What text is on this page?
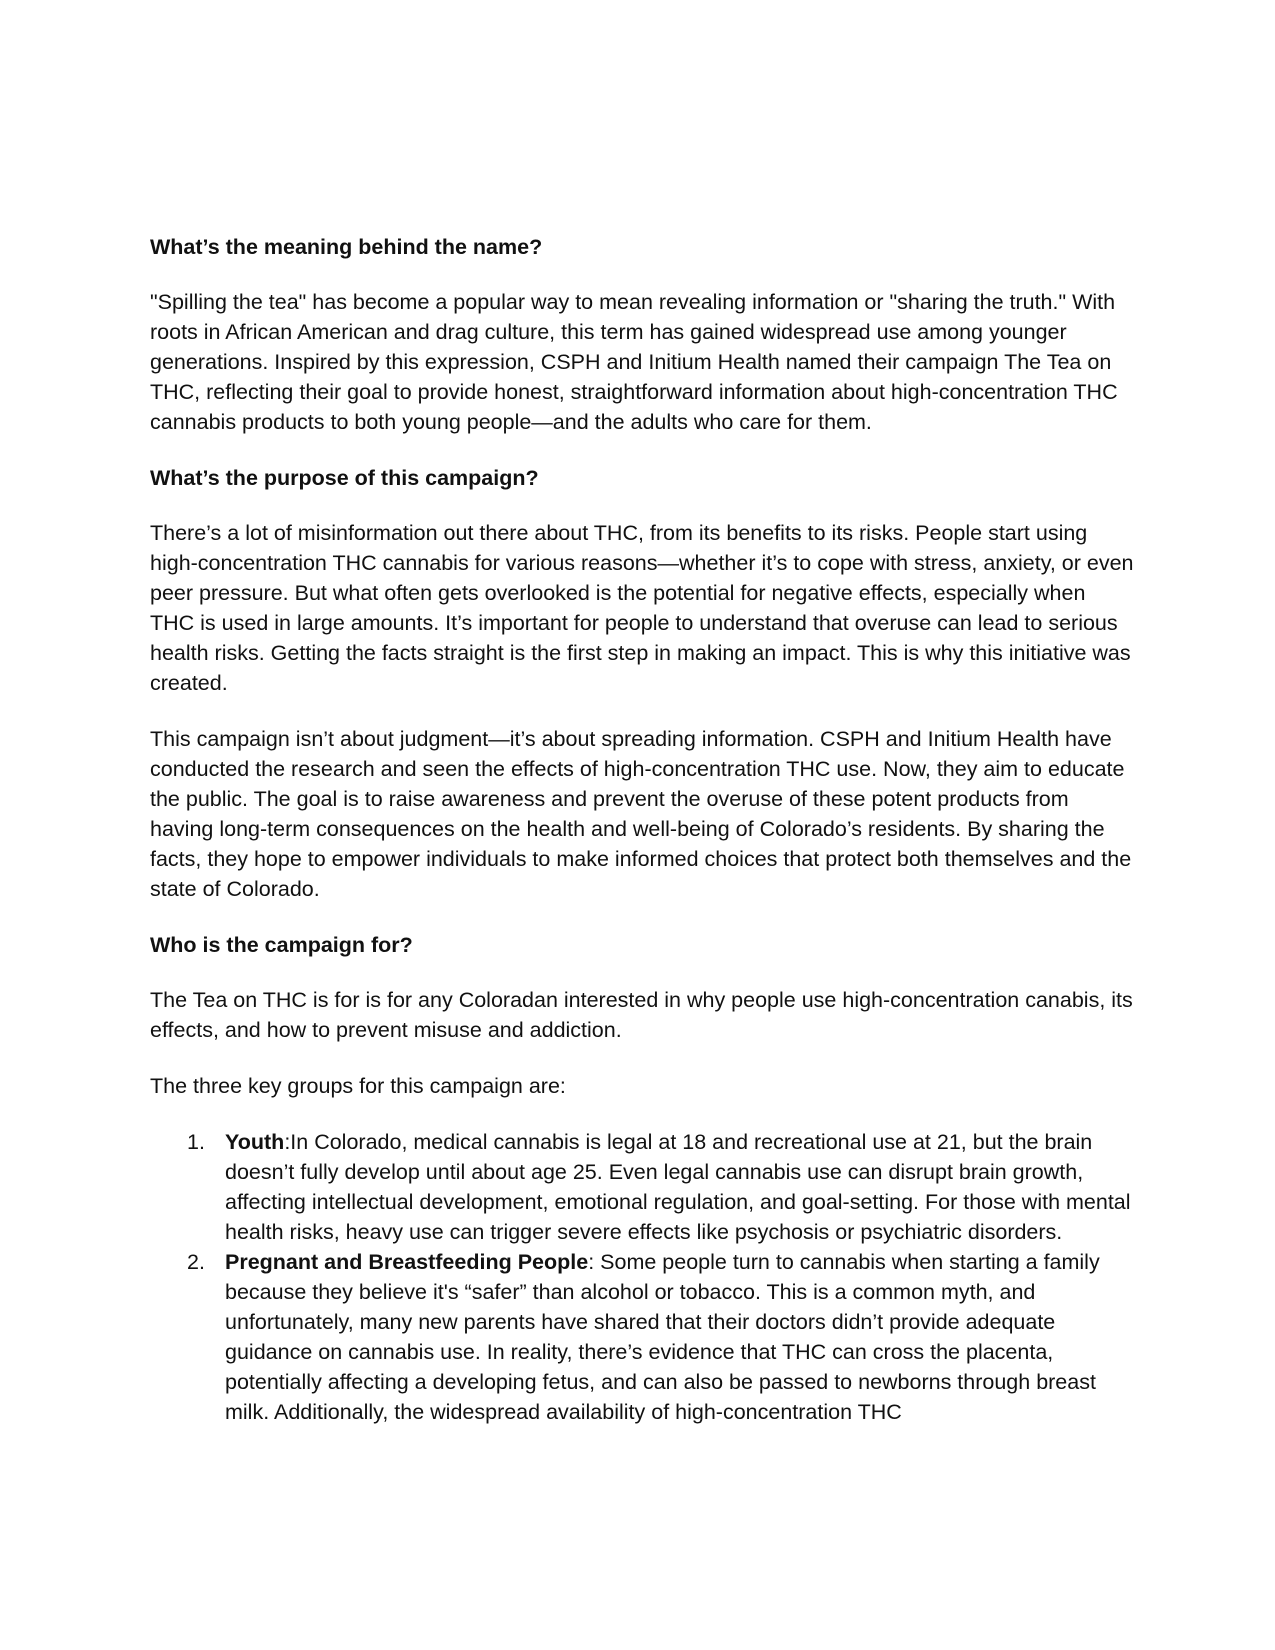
What’s the meaning behind the name?

"Spilling the tea" has become a popular way to mean revealing information or "sharing the truth." With roots in African American and drag culture, this term has gained widespread use among younger generations. Inspired by this expression, CSPH and Initium Health named their campaign The Tea on THC, reflecting their goal to provide honest, straightforward information about high-concentration THC cannabis products to both young people—and the adults who care for them.

What’s the purpose of this campaign?

There’s a lot of misinformation out there about THC, from its benefits to its risks. People start using high-concentration THC cannabis for various reasons—whether it’s to cope with stress, anxiety, or even peer pressure. But what often gets overlooked is the potential for negative effects, especially when THC is used in large amounts. It’s important for people to understand that overuse can lead to serious health risks. Getting the facts straight is the first step in making an impact. This is why this initiative was created.

This campaign isn’t about judgment—it’s about spreading information. CSPH and Initium Health have conducted the research and seen the effects of high-concentration THC use. Now, they aim to educate the public. The goal is to raise awareness and prevent the overuse of these potent products from having long-term consequences on the health and well-being of Colorado’s residents. By sharing the facts, they hope to empower individuals to make informed choices that protect both themselves and the state of Colorado.

Who is the campaign for?

The Tea on THC is for is for any Coloradan interested in why people use high-concentration canabis, its effects, and how to prevent misuse and addiction.

The three key groups for this campaign are:

1. Youth:In Colorado, medical cannabis is legal at 18 and recreational use at 21, but the brain doesn’t fully develop until about age 25. Even legal cannabis use can disrupt brain growth, affecting intellectual development, emotional regulation, and goal-setting. For those with mental health risks, heavy use can trigger severe effects like psychosis or psychiatric disorders.
2. Pregnant and Breastfeeding People: Some people turn to cannabis when starting a family because they believe it's “safer” than alcohol or tobacco. This is a common myth, and unfortunately, many new parents have shared that their doctors didn’t provide adequate guidance on cannabis use. In reality, there’s evidence that THC can cross the placenta, potentially affecting a developing fetus, and can also be passed to newborns through breast milk. Additionally, the widespread availability of high-concentration THC
